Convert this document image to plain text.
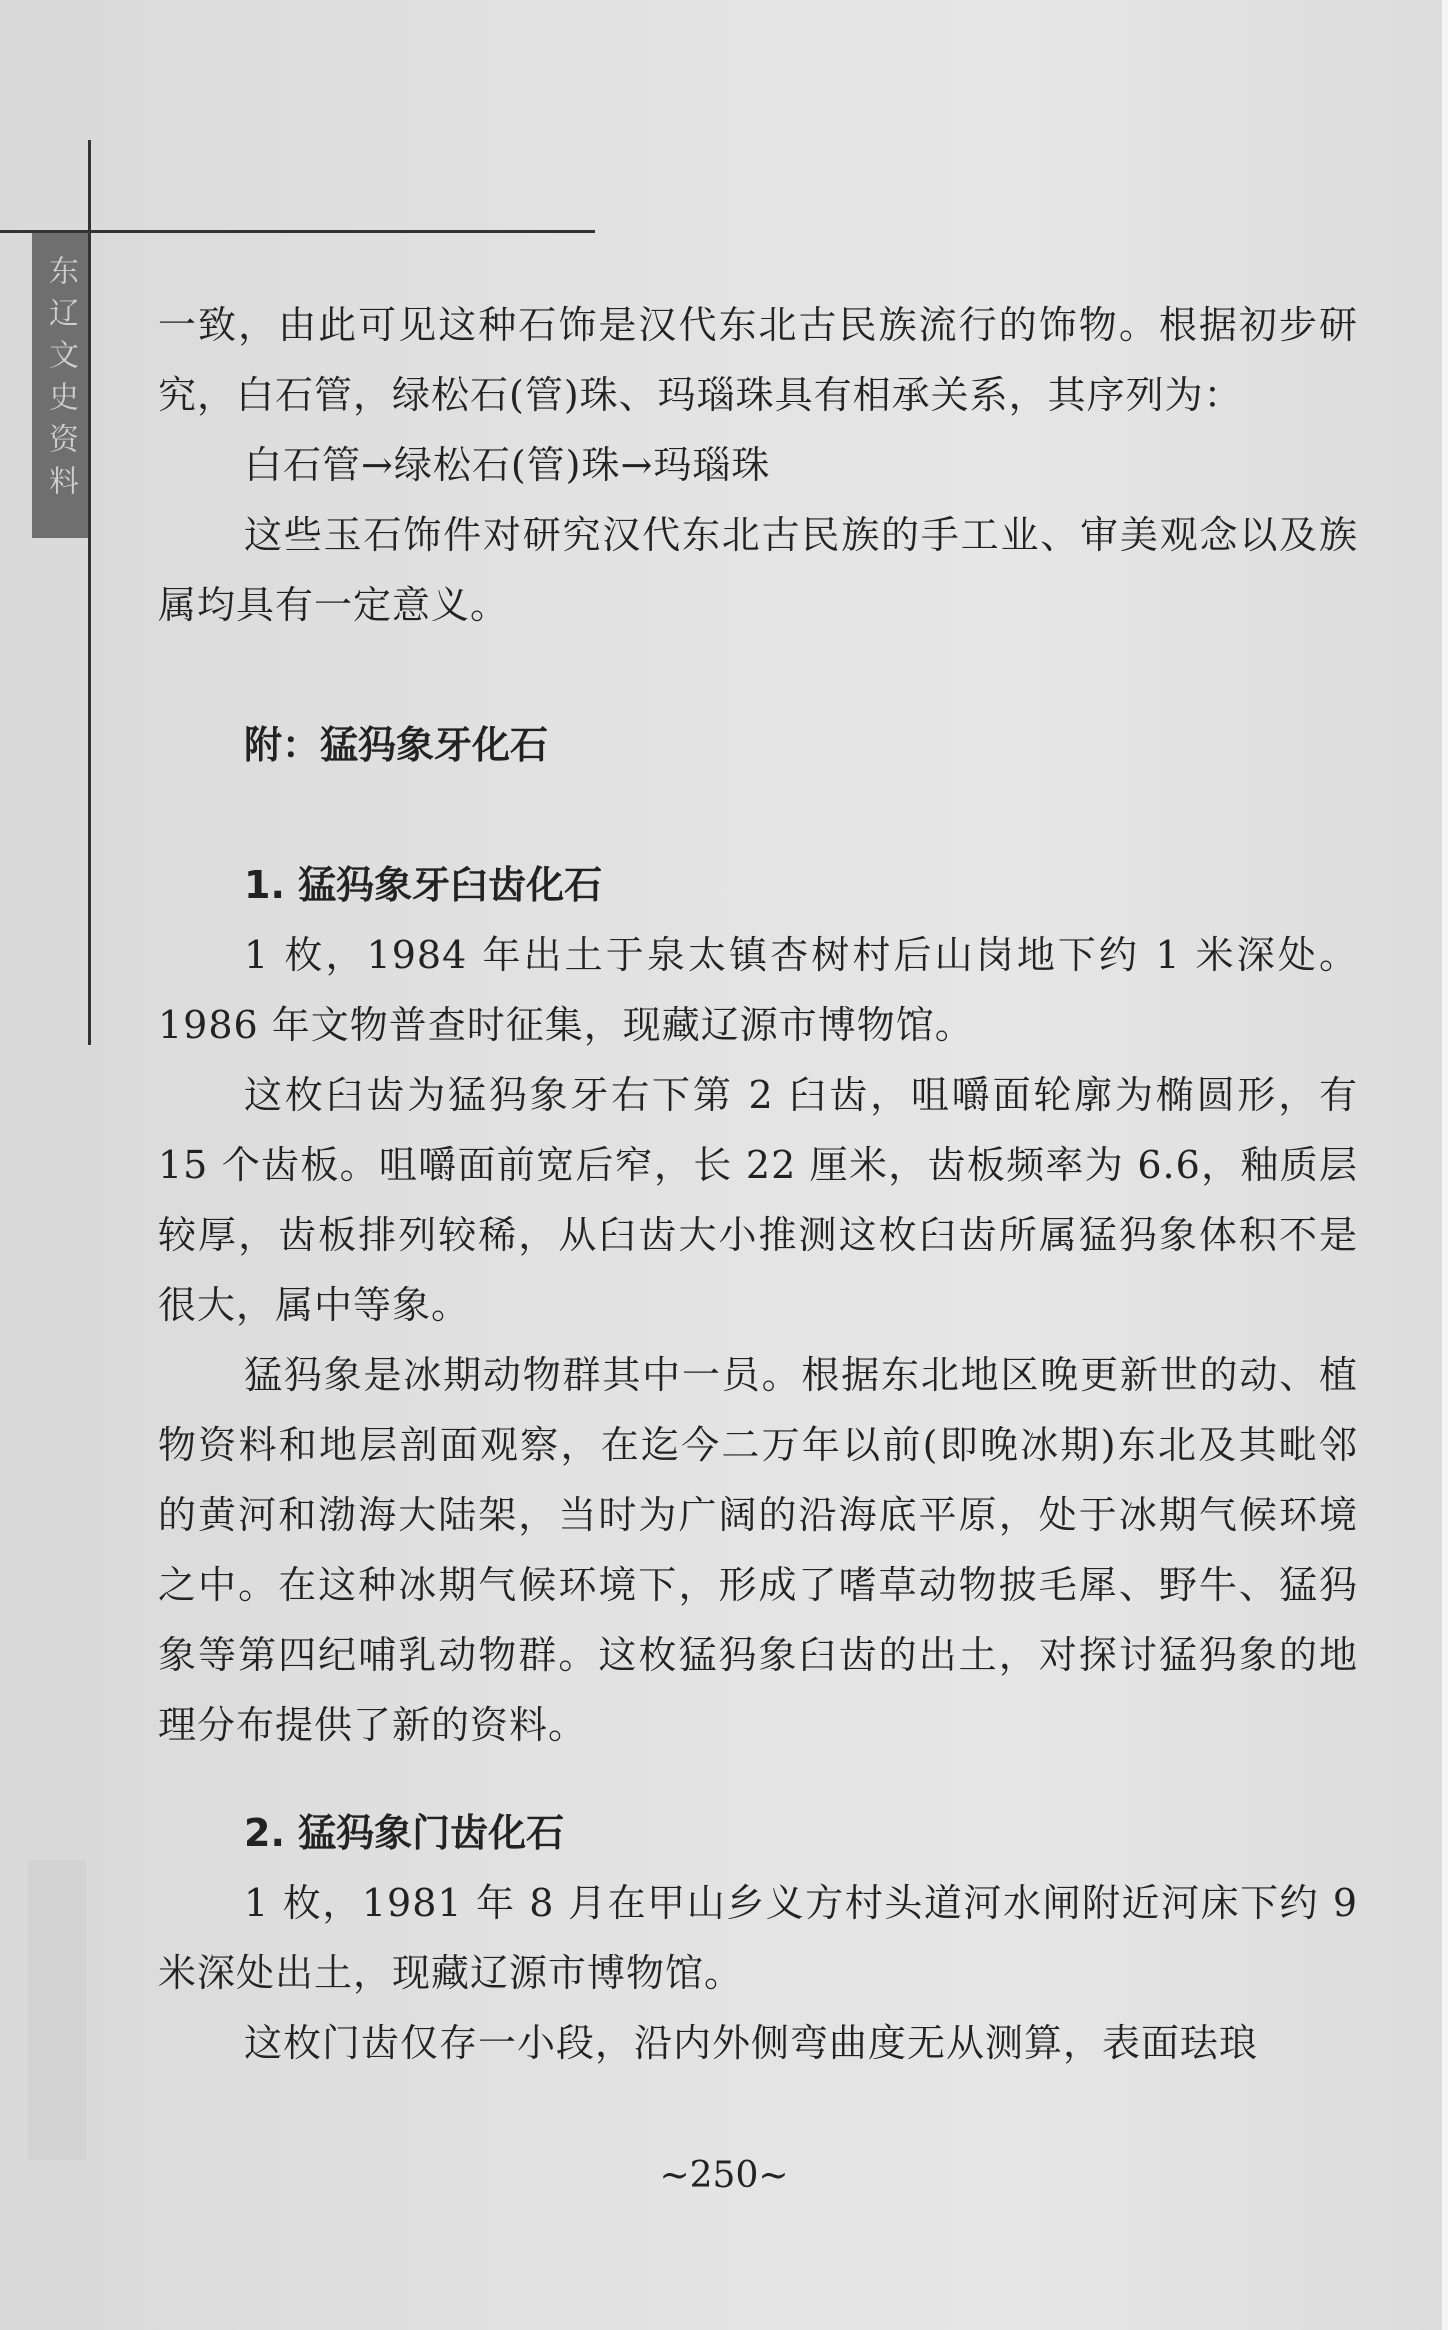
东辽文史资料 一致，由此可见这种石饰是汉代东北古民族流行的饰物。根据初步研究，白石管，绿松石(管)珠、玛瑙珠具有相承关系，其序列为：

白石管→绿松石(管)珠→玛瑙珠

这些玉石饰件对研究汉代东北古民族的手工业、审美观念以及族属均具有一定意义。

附：猛犸象牙化石

1. 猛犸象牙臼齿化石

1 枚，1984 年出土于泉太镇杏树村后山岗地下约 1 米深处。1986 年文物普查时征集，现藏辽源市博物馆。

这枚臼齿为猛犸象牙右下第 2 臼齿，咀嚼面轮廓为椭圆形，有 15 个齿板。咀嚼面前宽后窄，长 22 厘米，齿板频率为 6.6，釉质层较厚，齿板排列较稀，从臼齿大小推测这枚臼齿所属猛犸象体积不是很大，属中等象。

猛犸象是冰期动物群其中一员。根据东北地区晚更新世的动、植物资料和地层剖面观察，在迄今二万年以前(即晚冰期)东北及其毗邻的黄河和渤海大陆架，当时为广阔的沿海底平原，处于冰期气候环境之中。在这种冰期气候环境下，形成了嗜草动物披毛犀、野牛、猛犸象等第四纪哺乳动物群。这枚猛犸象臼齿的出土，对探讨猛犸象的地理分布提供了新的资料。

2. 猛犸象门齿化石

1 枚，1981 年 8 月在甲山乡义方村头道河水闸附近河床下约 9 米深处出土，现藏辽源市博物馆。

这枚门齿仅存一小段，沿内外侧弯曲度无从测算，表面珐琅

~250~
